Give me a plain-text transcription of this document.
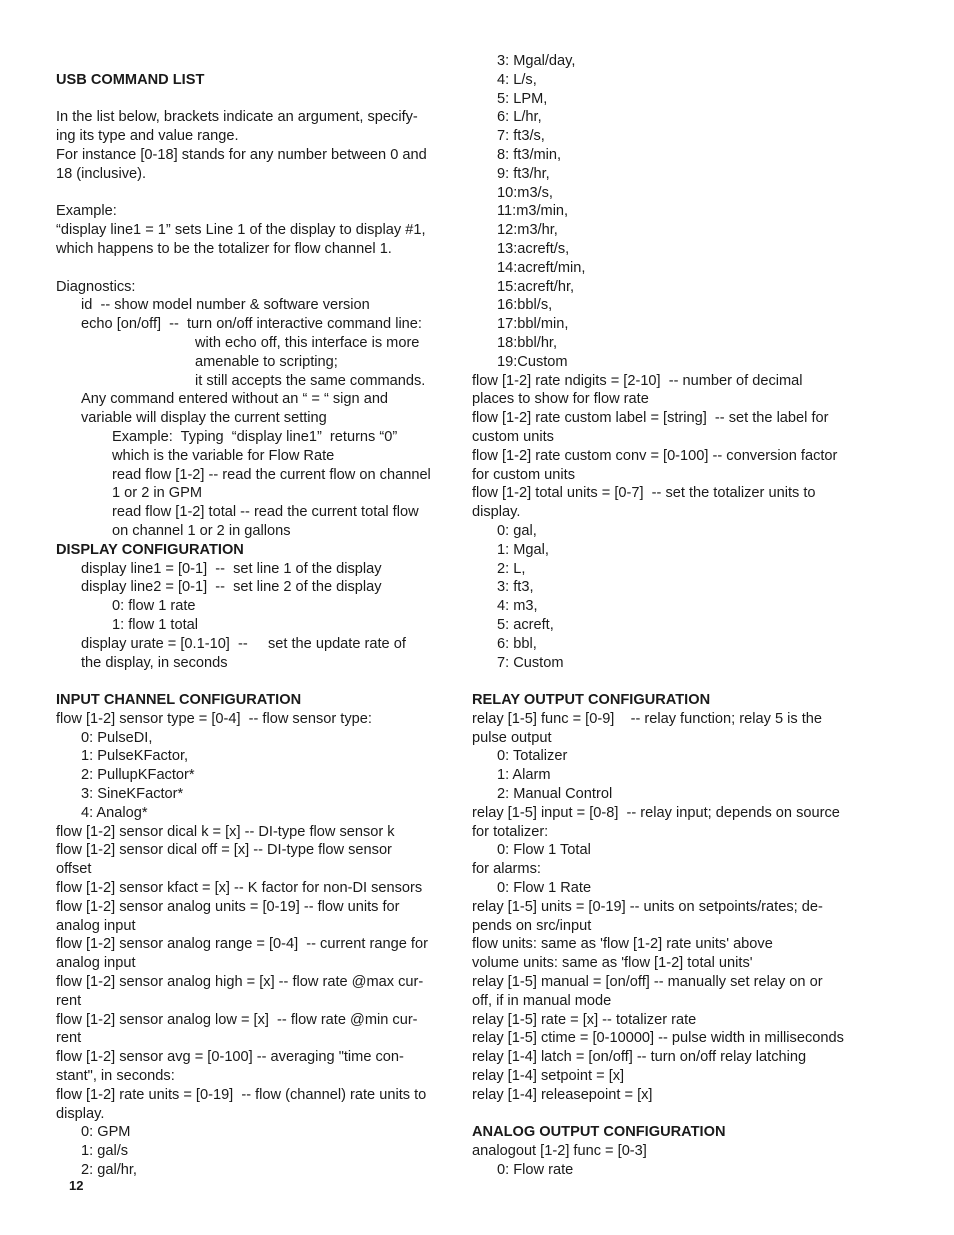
USB COMMAND LIST
In the list below, brackets indicate an argument, specify-
ing its type and value range.
For instance [0-18] stands for any number between 0 and
18 (inclusive).
Example:
“display line1 = 1” sets Line 1 of the display to display #1,
which happens to be the totalizer for flow channel 1.
Diagnostics:
id  -- show model number & software version
echo [on/off]  --  turn on/off interactive command line:
with echo off, this interface is more
amenable to scripting;
it still accepts the same commands.
Any command entered without an “ = “ sign and
variable will display the current setting
Example:  Typing  “display line1”  returns “0”
which is the variable for Flow Rate
read flow [1-2] -- read the current flow on channel
1 or 2 in GPM
read flow [1-2] total -- read the current total flow
on channel 1 or 2 in gallons
DISPLAY CONFIGURATION
display line1 = [0-1]  --  set line 1 of the display
display line2 = [0-1]  --  set line 2 of the display
0: flow 1 rate
1: flow 1 total
display urate = [0.1-10]  --     set the update rate of
the display, in seconds
INPUT CHANNEL CONFIGURATION
flow [1-2] sensor type = [0-4]  -- flow sensor type:
0: PulseDI,
1: PulseKFactor,
2: PullupKFactor*
3: SineKFactor*
4: Analog*
flow [1-2] sensor dical k = [x] -- DI-type flow sensor k
flow [1-2] sensor dical off = [x] -- DI-type flow sensor
offset
flow [1-2] sensor kfact = [x] -- K factor for non-DI sensors
flow [1-2] sensor analog units = [0-19] -- flow units for
analog input
flow [1-2] sensor analog range = [0-4]  -- current range for
analog input
flow [1-2] sensor analog high = [x] -- flow rate @max cur-
rent
flow [1-2] sensor analog low = [x]  -- flow rate @min cur-
rent
flow [1-2] sensor avg = [0-100] -- averaging "time con-
stant", in seconds:
flow [1-2] rate units = [0-19]  -- flow (channel) rate units to
display.
0: GPM
1: gal/s
2: gal/hr,
3: Mgal/day,
4: L/s,
5: LPM,
6: L/hr,
7: ft3/s,
8: ft3/min,
9: ft3/hr,
10:m3/s,
11:m3/min,
12:m3/hr,
13:acreft/s,
14:acreft/min,
15:acreft/hr,
16:bbl/s,
17:bbl/min,
18:bbl/hr,
19:Custom
flow [1-2] rate ndigits = [2-10]  -- number of decimal
places to show for flow rate
flow [1-2] rate custom label = [string]  -- set the label for
custom units
flow [1-2] rate custom conv = [0-100] -- conversion factor
for custom units
flow [1-2] total units = [0-7]  -- set the totalizer units to
display.
0: gal,
1: Mgal,
2: L,
3: ft3,
4: m3,
5: acreft,
6: bbl,
7: Custom
RELAY OUTPUT CONFIGURATION
relay [1-5] func = [0-9]    -- relay function; relay 5 is the
pulse output
0: Totalizer
1: Alarm
2: Manual Control
relay [1-5] input = [0-8]  -- relay input; depends on source
for totalizer:
0: Flow 1 Total
for alarms:
0: Flow 1 Rate
relay [1-5] units = [0-19] -- units on setpoints/rates; de-
pends on src/input
flow units: same as 'flow [1-2] rate units' above
volume units: same as 'flow [1-2] total units'
relay [1-5] manual = [on/off] -- manually set relay on or
off, if in manual mode
relay [1-5] rate = [x] -- totalizer rate
relay [1-5] ctime = [0-10000] -- pulse width in milliseconds
relay [1-4] latch = [on/off] -- turn on/off relay latching
relay [1-4] setpoint = [x]
relay [1-4] releasepoint = [x]
ANALOG OUTPUT CONFIGURATION
analogout [1-2] func = [0-3]
0: Flow rate
12
